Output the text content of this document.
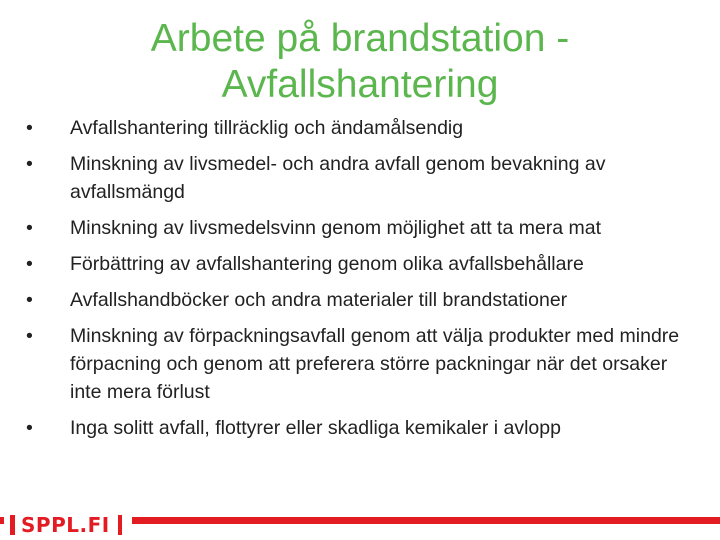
Arbete på brandstation -
Avfallshantering
• Avfallshantering tillräcklig och ändamålsendig
• Minskning av livsmedel- och andra avfall genom bevakning av avfallsmängd
• Minskning av livsmedelsvinn genom möjlighet att ta mera mat
• Förbättring av avfallshantering genom olika avfallsbehållare
• Avfallshandböcker och andra materialer till brandstationer
• Minskning av förpackningsavfall genom att välja produkter med mindre förpacning och genom att preferera större packningar när det orsaker inte mera förlust
• Inga solitt avfall, flottyrer eller skadliga kemikaler i avlopp
SPPL.FI
